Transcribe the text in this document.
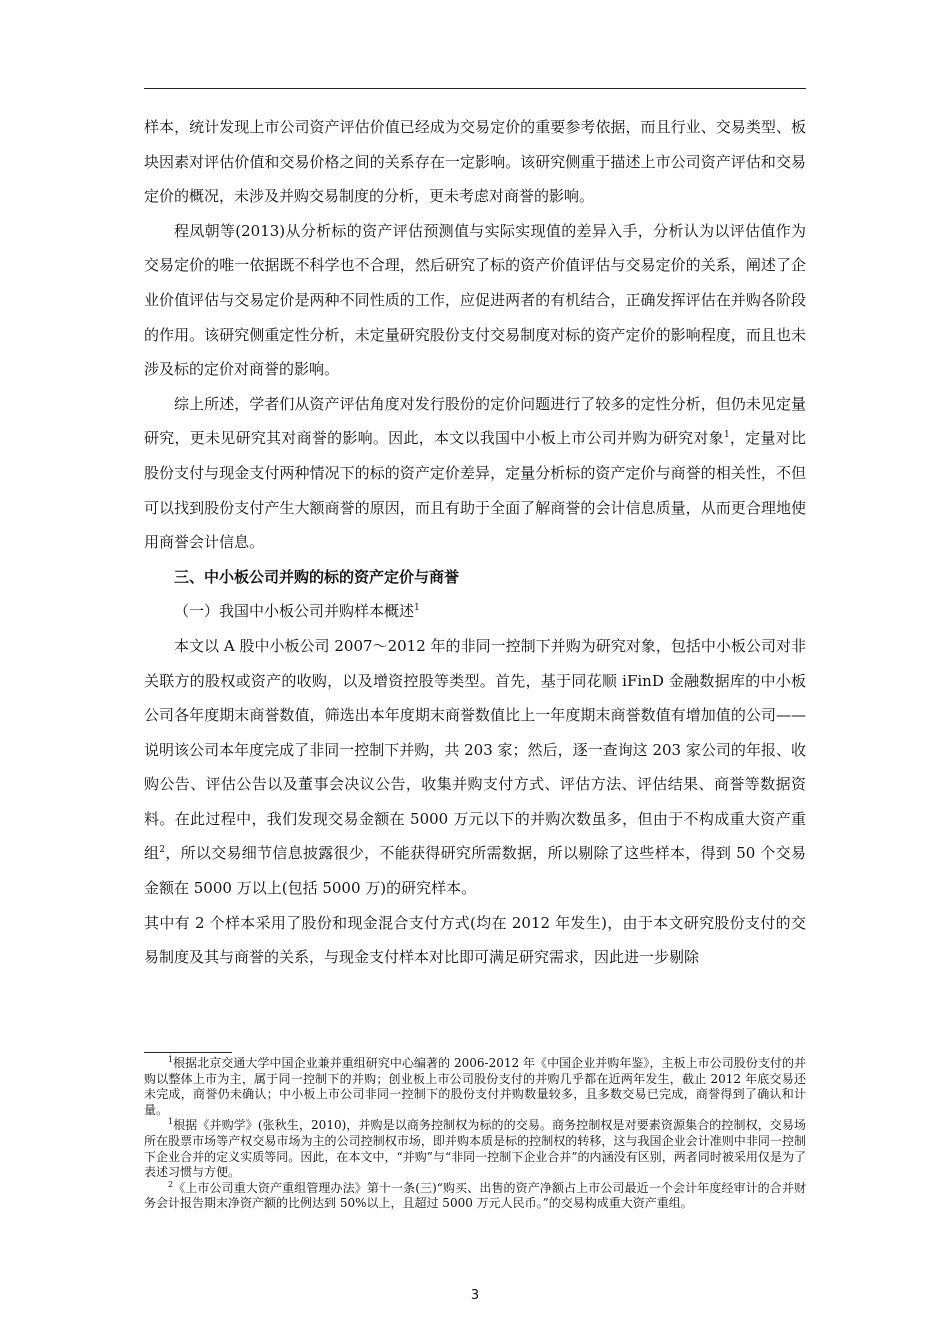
样本，统计发现上市公司资产评估价值已经成为交易定价的重要参考依据，而且行业、交易类型、板块因素对评估价值和交易价格之间的关系存在一定影响。该研究侧重于描述上市公司资产评估和交易定价的概况，未涉及并购交易制度的分析，更未考虑对商誉的影响。

程凤朝等(2013)从分析标的资产评估预测值与实际实现值的差异入手，分析认为以评估值作为交易定价的唯一依据既不科学也不合理，然后研究了标的资产价值评估与交易定价的关系，阐述了企业价值评估与交易定价是两种不同性质的工作，应促进两者的有机结合，正确发挥评估在并购各阶段的作用。该研究侧重定性分析，未定量研究股份支付交易制度对标的资产定价的影响程度，而且也未涉及标的定价对商誉的影响。

综上所述，学者们从资产评估角度对发行股份的定价问题进行了较多的定性分析，但仍未见定量研究，更未见研究其对商誉的影响。因此，本文以我国中小板上市公司并购为研究对象$^1$，定量对比股份支付与现金支付两种情况下的标的资产定价差异，定量分析标的资产定价与商誉的相关性，不但可以找到股份支付产生大额商誉的原因，而且有助于全面了解商誉的会计信息质量，从而更合理地使用商誉会计信息。

三、中小板公司并购的标的资产定价与商誉

（一）我国中小板公司并购样本概述$^1$

本文以 A 股中小板公司 2007～2012 年的非同一控制下并购为研究对象，包括中小板公司对非关联方的股权或资产的收购，以及增资控股等类型。首先，基于同花顺 iFinD 金融数据库的中小板公司各年度期末商誉数值，筛选出本年度期末商誉数值比上一年度期末商誉数值有增加值的公司——说明该公司本年度完成了非同一控制下并购，共 203 家；然后，逐一查询这 203 家公司的年报、收购公告、评估公告以及董事会决议公告，收集并购支付方式、评估方法、评估结果、商誉等数据资料。在此过程中，我们发现交易金额在 5000 万元以下的并购次数虽多，但由于不构成重大资产重组$^2$，所以交易细节信息披露很少，不能获得研究所需数据，所以剔除了这些样本，得到 50 个交易金额在 5000 万以上(包括 5000 万)的研究样本。

其中有 2 个样本采用了股份和现金混合支付方式(均在 2012 年发生)，由于本文研究股份支付的交易制度及其与商誉的关系，与现金支付样本对比即可满足研究需求，因此进一步剔除

$^1$根据北京交通大学中国企业兼并重组研究中心编著的 2006-2012 年《中国企业并购年鉴》，主板上市公司股份支付的并购以整体上市为主，属于同一控制下的并购；创业板上市公司股份支付的并购几乎都在近两年发生，截止 2012 年底交易还未完成，商誉仍未确认；中小板上市公司非同一控制下的股份支付并购数量较多，且多数交易已完成，商誉得到了确认和计量。

$^1$根据《并购学》(张秋生，2010)，并购是以商务控制权为标的的交易。商务控制权是对要素资源集合的控制权，交易场所在股票市场等产权交易市场为主的公司控制权市场，即并购本质是标的控制权的转移，这与我国企业会计准则中非同一控制下企业合并的定义实质等同。因此，在本文中，“并购”与“非同一控制下企业合并”的内涵没有区别，两者同时被采用仅是为了表述习惯与方便。

$^2$《上市公司重大资产重组管理办法》第十一条(三)“购买、出售的资产净额占上市公司最近一个会计年度经审计的合并财务会计报告期末净资产额的比例达到 50%以上，且超过 5000 万元人民币。”的交易构成重大资产重组。

3
